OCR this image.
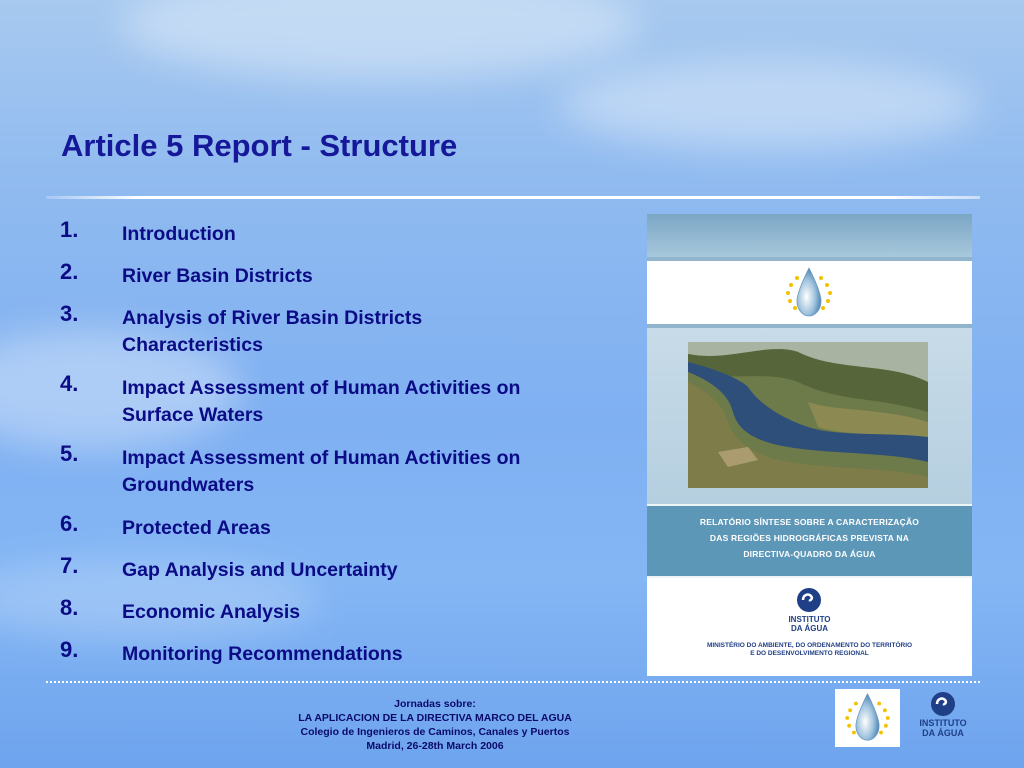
Article 5 Report - Structure
1. Introduction
2. River Basin Districts
3. Analysis of River Basin Districts
Characteristics
4. Impact Assessment of Human Activities on
Surface Waters
5. Impact Assessment of Human Activities on
Groundwaters
6. Protected Areas
7. Gap Analysis and Uncertainty
8. Economic Analysis
9. Monitoring Recommendations
RELATÓRIO SÍNTESE SOBRE A CARACTERIZAÇÃO
DAS REGIÕES HIDROGRÁFICAS PREVISTA NA
DIRECTIVA-QUADRO DA ÁGUA
INSTITUTO
DA ÁGUA
MINISTÉRIO DO AMBIENTE, DO ORDENAMENTO DO TERRITÓRIO
E DO DESENVOLVIMENTO REGIONAL
Jornadas sobre:
LA APLICACION DE LA DIRECTIVA MARCO DEL AGUA
Colegio de Ingenieros de Caminos, Canales y Puertos
Madrid, 26-28th March 2006
INSTITUTO
DA ÁGUA
